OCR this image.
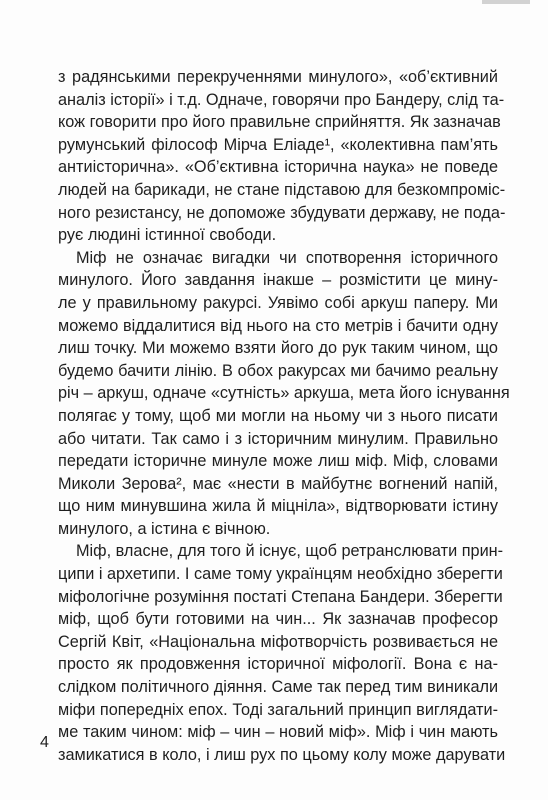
з радянськими перекрученнями минулого», «об’єктивний
аналіз історії» і т.д. Одначе, говорячи про Бандеру, слід та-
кож говорити про його правильне сприйняття. Як зазначав
румунський філософ Мірча Еліаде¹, «колективна пам’ять
антиісторична». «Об’єктивна історична наука» не поведе
людей на барикади, не стане підставою для безкомпроміс-
ного резистансу, не допоможе збудувати державу, не пода-
рує людині істинної свободи.
Міф не означає вигадки чи спотворення історичного
минулого. Його завдання інакше – розмістити це мину-
ле у правильному ракурсі. Уявімо собі аркуш паперу. Ми
можемо віддалитися від нього на сто метрів і бачити одну
лиш точку. Ми можемо взяти його до рук таким чином, що
будемо бачити лінію. В обох ракурсах ми бачимо реальну
річ – аркуш, одначе «сутність» аркуша, мета його існування
полягає у тому, щоб ми могли на ньому чи з нього писати
або читати. Так само і з історичним минулим. Правильно
передати історичне минуле може лиш міф. Міф, словами
Миколи Зерова², має «нести в майбутнє вогнений напій,
що ним минувшина жила й міцніла», відтворювати істину
минулого, а істина є вічною.
Міф, власне, для того й існує, щоб ретранслювати прин-
ципи і архетипи. І саме тому українцям необхідно зберегти
міфологічне розуміння постаті Степана Бандери. Зберегти
міф, щоб бути готовими на чин... Як зазначав професор
Сергій Квіт, «Національна міфотворчість розвивається не
просто як продовження історичної міфології. Вона є на-
слідком політичного діяння. Саме так перед тим виникали
міфи попередніх епох. Тоді загальний принцип виглядати-
ме таким чином: міф – чин – новий міф». Міф і чин мають
замикатися в коло, і лиш рух по цьому колу може дарувати
4
